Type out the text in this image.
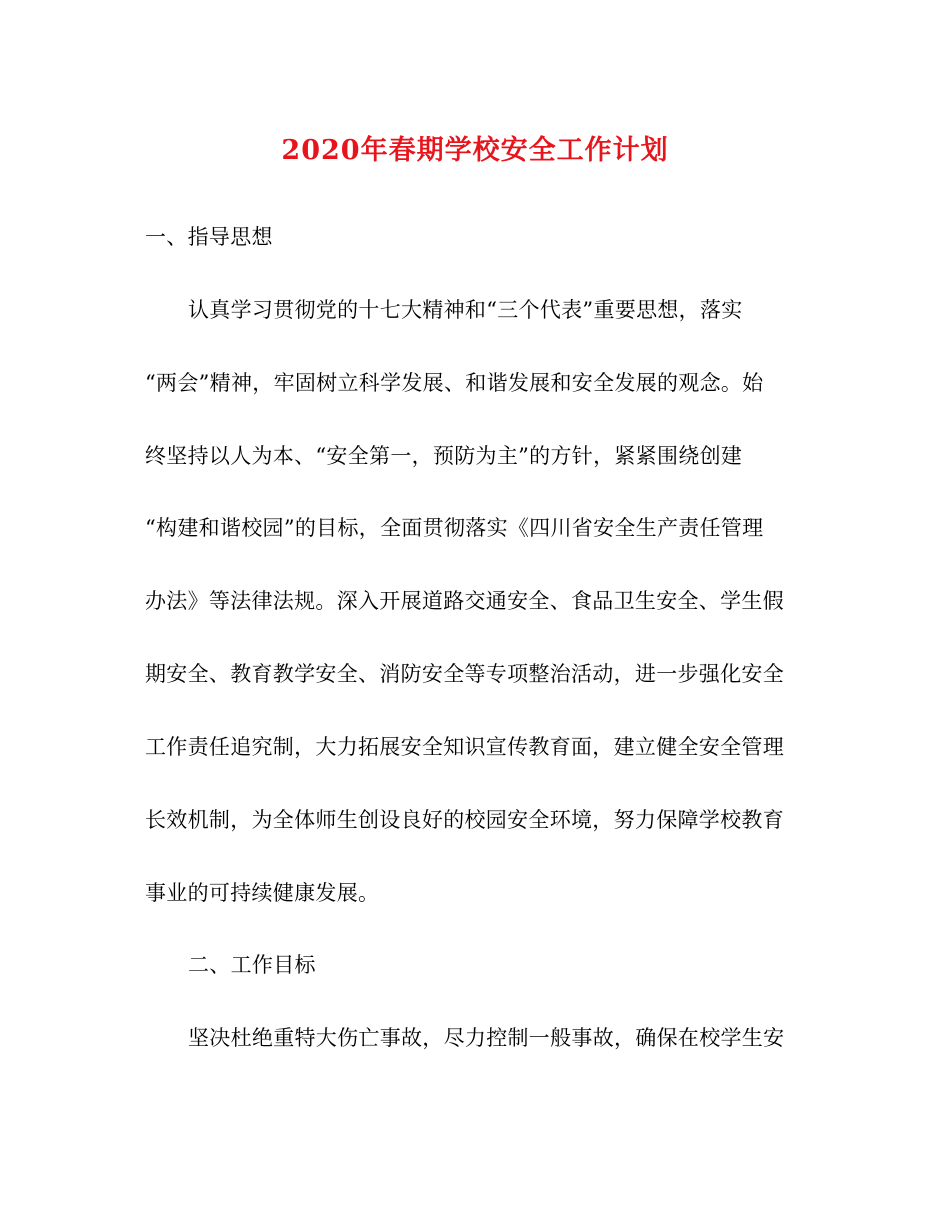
2020年春期学校安全工作计划
一、指导思想
认真学习贯彻党的十七大精神和“三个代表”重要思想，落实
“两会”精神，牢固树立科学发展、和谐发展和安全发展的观念。始
终坚持以人为本、“安全第一，预防为主”的方针，紧紧围绕创建
“构建和谐校园”的目标，全面贯彻落实《四川省安全生产责任管理
办法》等法律法规。深入开展道路交通安全、食品卫生安全、学生假
期安全、教育教学安全、消防安全等专项整治活动，进一步强化安全
工作责任追究制，大力拓展安全知识宣传教育面，建立健全安全管理
长效机制，为全体师生创设良好的校园安全环境，努力保障学校教育
事业的可持续健康发展。
二、工作目标
坚决杜绝重特大伤亡事故，尽力控制一般事故，确保在校学生安
